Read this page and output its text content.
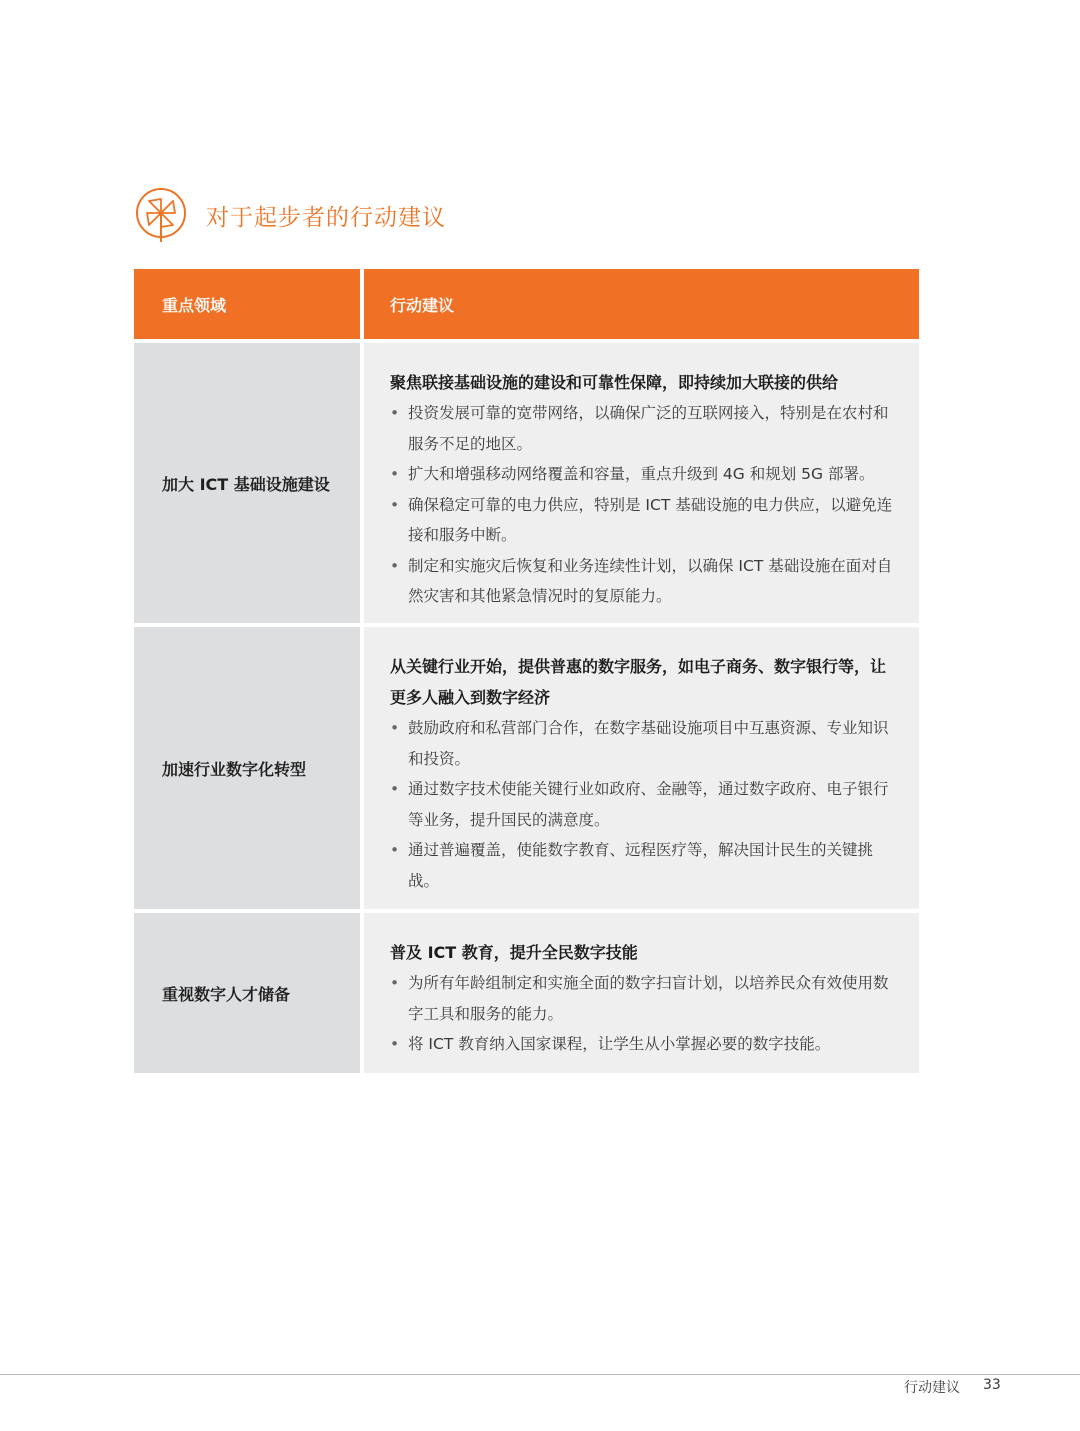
对于起步者的行动建议
重点领域	行动建议
加大 ICT 基础设施建设
聚焦联接基础设施的建设和可靠性保障，即持续加大联接的供给
• 投资发展可靠的宽带网络，以确保广泛的互联网接入，特别是在农村和服务不足的地区。
• 扩大和增强移动网络覆盖和容量，重点升级到 4G 和规划 5G 部署。
• 确保稳定可靠的电力供应，特别是 ICT 基础设施的电力供应，以避免连接和服务中断。
• 制定和实施灾后恢复和业务连续性计划，以确保 ICT 基础设施在面对自然灾害和其他紧急情况时的复原能力。
加速行业数字化转型
从关键行业开始，提供普惠的数字服务，如电子商务、数字银行等，让更多人融入到数字经济
• 鼓励政府和私营部门合作，在数字基础设施项目中互惠资源、专业知识和投资。
• 通过数字技术使能关键行业如政府、金融等，通过数字政府、电子银行等业务，提升国民的满意度。
• 通过普遍覆盖，使能数字教育、远程医疗等，解决国计民生的关键挑战。
重视数字人才储备
普及 ICT 教育，提升全民数字技能
• 为所有年龄组制定和实施全面的数字扫盲计划，以培养民众有效使用数字工具和服务的能力。
• 将 ICT 教育纳入国家课程，让学生从小掌握必要的数字技能。
行动建议 33
